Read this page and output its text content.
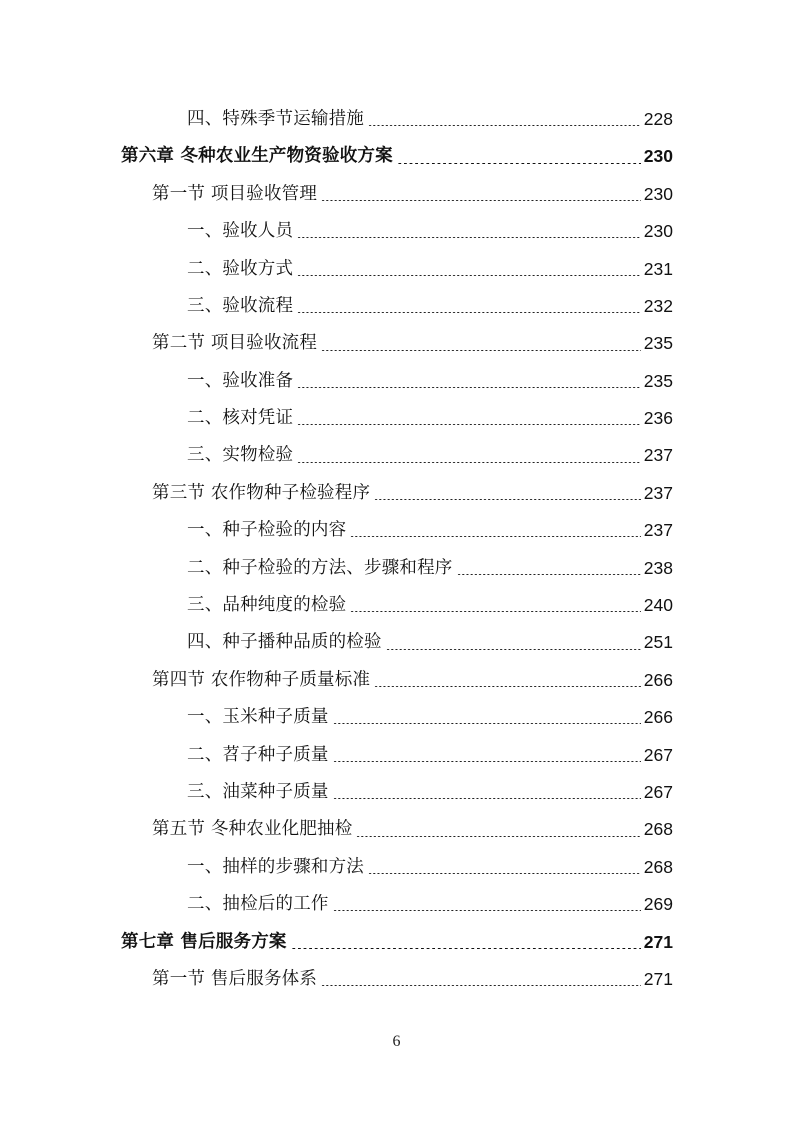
四、特殊季节运输措施	228
第六章 冬种农业生产物资验收方案	230
第一节 项目验收管理	230
一、验收人员	230
二、验收方式	231
三、验收流程	232
第二节 项目验收流程	235
一、验收准备	235
二、核对凭证	236
三、实物检验	237
第三节 农作物种子检验程序	237
一、种子检验的内容	237
二、种子检验的方法、步骤和程序	238
三、品种纯度的检验	240
四、种子播种品质的检验	251
第四节 农作物种子质量标准	266
一、玉米种子质量	266
二、苕子种子质量	267
三、油菜种子质量	267
第五节 冬种农业化肥抽检	268
一、抽样的步骤和方法	268
二、抽检后的工作	269
第七章 售后服务方案	271
第一节 售后服务体系	271
6
